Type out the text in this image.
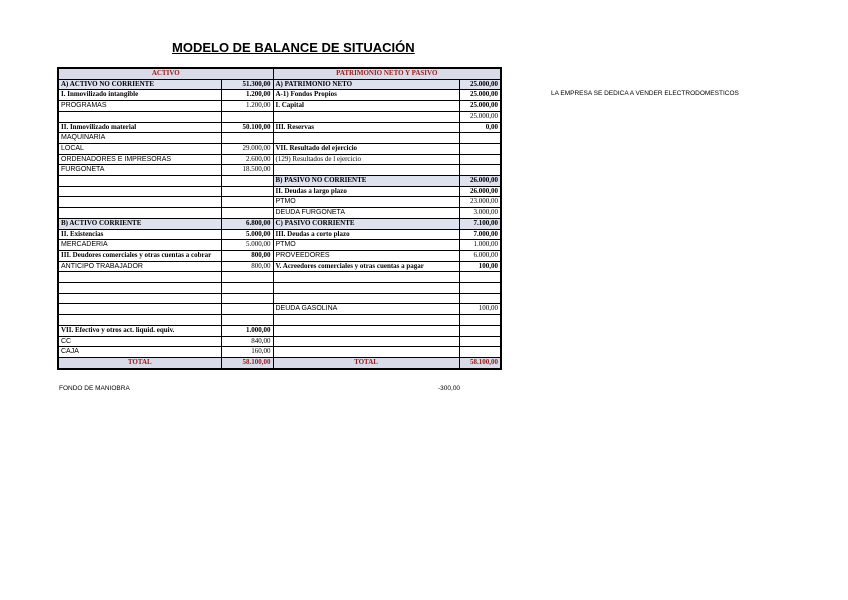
MODELO DE BALANCE DE SITUACIÓN
ACTIVO		PATRIMONIO NETO Y PASIVO	
A) ACTIVO NO CORRIENTE	51.300,00	A) PATRIMONIO NETO	25.000,00
I. Inmovilizado intangible	1.200,00	A-1) Fondos Propios	25.000,00
PROGRAMAS	1.200,00	I. Capital	25.000,00
			25.000,00
II. Inmovilizado material	50.100,00	III. Reservas	0,00
MAQUINARIA			
LOCAL	29.000,00	VII. Resultado del ejercicio	
ORDENADORES E IMPRESORAS	2.600,00	(129) Resultados de l ejercicio	
FURGONETA	18.500,00		
		B) PASIVO NO CORRIENTE	26.000,00
		II. Deudas a largo plazo	26.000,00
		PTMO	23.000,00
		DEUDA FURGONETA	3.000,00
B) ACTIVO CORRIENTE	6.800,00	C) PASIVO CORRIENTE	7.100,00
II. Existencias	5.000,00	III. Deudas a corto plazo	7.000,00
MERCADERIA	5.000,00	PTMO	1.000,00
III. Deudores comerciales y otras cuentas a cobrar	800,00	PROVEEDORES	6.000,00
ANTICIPO TRABAJADOR	800,00	V. Acreedores comerciales y otras cuentas a pagar	100,00

		DEUDA GASOLINA	100,00

VII. Efectivo y otros act. liquid. equiv.	1.000,00		
CC	840,00		
CAJA	160,00		
TOTAL	58.100,00	TOTAL	58.100,00
LA EMPRESA SE DEDICA A VENDER ELECTRODOMESTICOS
FONDO DE MANIOBRA	-300,00
